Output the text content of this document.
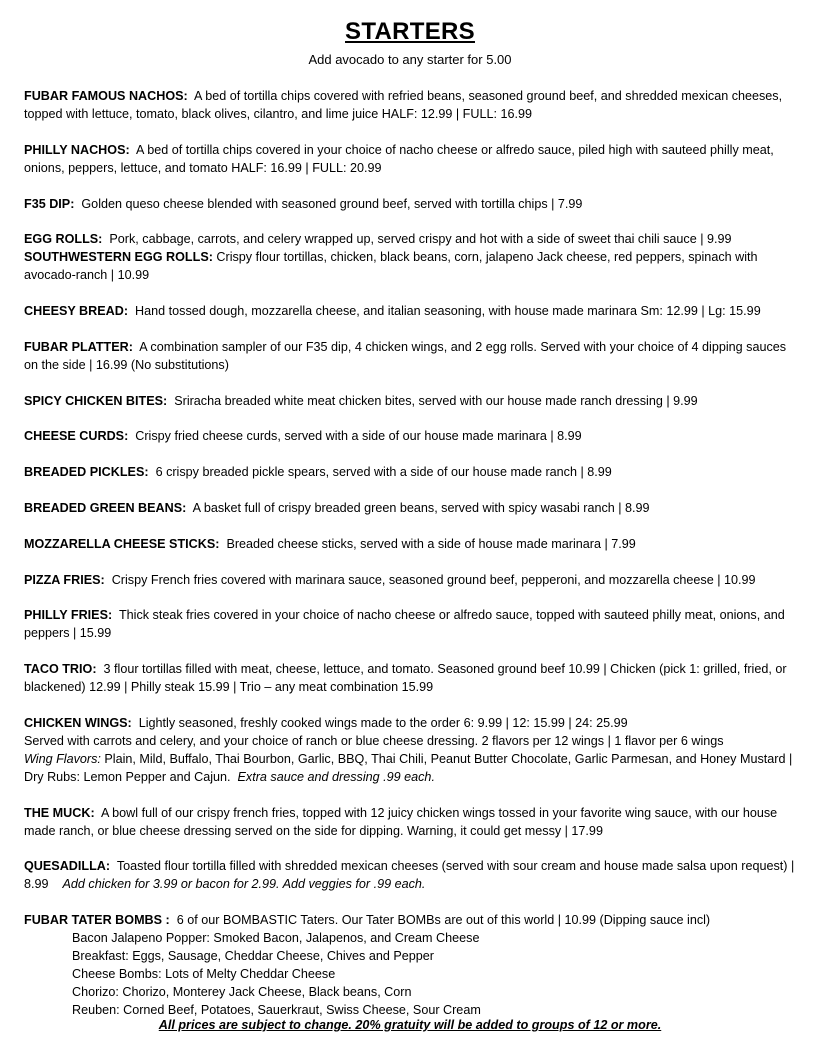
STARTERS
Add avocado to any starter for 5.00
FUBAR FAMOUS NACHOS: A bed of tortilla chips covered with refried beans, seasoned ground beef, and shredded mexican cheeses, topped with lettuce, tomato, black olives, cilantro, and lime juice HALF: 12.99 | FULL: 16.99
PHILLY NACHOS: A bed of tortilla chips covered in your choice of nacho cheese or alfredo sauce, piled high with sauteed philly meat, onions, peppers, lettuce, and tomato HALF: 16.99 | FULL: 20.99
F35 DIP: Golden queso cheese blended with seasoned ground beef, served with tortilla chips | 7.99
EGG ROLLS: Pork, cabbage, carrots, and celery wrapped up, served crispy and hot with a side of sweet thai chili sauce | 9.99
SOUTHWESTERN EGG ROLLS: Crispy flour tortillas, chicken, black beans, corn, jalapeno Jack cheese, red peppers, spinach with avocado-ranch | 10.99
CHEESY BREAD: Hand tossed dough, mozzarella cheese, and italian seasoning, with house made marinara Sm: 12.99 | Lg: 15.99
FUBAR PLATTER: A combination sampler of our F35 dip, 4 chicken wings, and 2 egg rolls. Served with your choice of 4 dipping sauces on the side | 16.99 (No substitutions)
SPICY CHICKEN BITES: Sriracha breaded white meat chicken bites, served with our house made ranch dressing | 9.99
CHEESE CURDS: Crispy fried cheese curds, served with a side of our house made marinara | 8.99
BREADED PICKLES: 6 crispy breaded pickle spears, served with a side of our house made ranch | 8.99
BREADED GREEN BEANS: A basket full of crispy breaded green beans, served with spicy wasabi ranch | 8.99
MOZZARELLA CHEESE STICKS: Breaded cheese sticks, served with a side of house made marinara | 7.99
PIZZA FRIES: Crispy French fries covered with marinara sauce, seasoned ground beef, pepperoni, and mozzarella cheese | 10.99
PHILLY FRIES: Thick steak fries covered in your choice of nacho cheese or alfredo sauce, topped with sauteed philly meat, onions, and peppers | 15.99
TACO TRIO: 3 flour tortillas filled with meat, cheese, lettuce, and tomato. Seasoned ground beef 10.99 | Chicken (pick 1: grilled, fried, or blackened) 12.99 | Philly steak 15.99 | Trio – any meat combination 15.99
CHICKEN WINGS: Lightly seasoned, freshly cooked wings made to the order 6: 9.99 | 12: 15.99 | 24: 25.99
Served with carrots and celery, and your choice of ranch or blue cheese dressing. 2 flavors per 12 wings | 1 flavor per 6 wings
Wing Flavors: Plain, Mild, Buffalo, Thai Bourbon, Garlic, BBQ, Thai Chili, Peanut Butter Chocolate, Garlic Parmesan, and Honey Mustard | Dry Rubs: Lemon Pepper and Cajun. Extra sauce and dressing .99 each.
THE MUCK: A bowl full of our crispy french fries, topped with 12 juicy chicken wings tossed in your favorite wing sauce, with our house made ranch, or blue cheese dressing served on the side for dipping. Warning, it could get messy | 17.99
QUESADILLA: Toasted flour tortilla filled with shredded mexican cheeses (served with sour cream and house made salsa upon request) | 8.99 Add chicken for 3.99 or bacon for 2.99. Add veggies for .99 each.
FUBAR TATER BOMBS : 6 of our BOMBASTIC Taters. Our Tater BOMBs are out of this world | 10.99 (Dipping sauce incl)
Bacon Jalapeno Popper: Smoked Bacon, Jalapenos, and Cream Cheese
Breakfast: Eggs, Sausage, Cheddar Cheese, Chives and Pepper
Cheese Bombs: Lots of Melty Cheddar Cheese
Chorizo: Chorizo, Monterey Jack Cheese, Black beans, Corn
Reuben: Corned Beef, Potatoes, Sauerkraut, Swiss Cheese, Sour Cream
All prices are subject to change. 20% gratuity will be added to groups of 12 or more.
